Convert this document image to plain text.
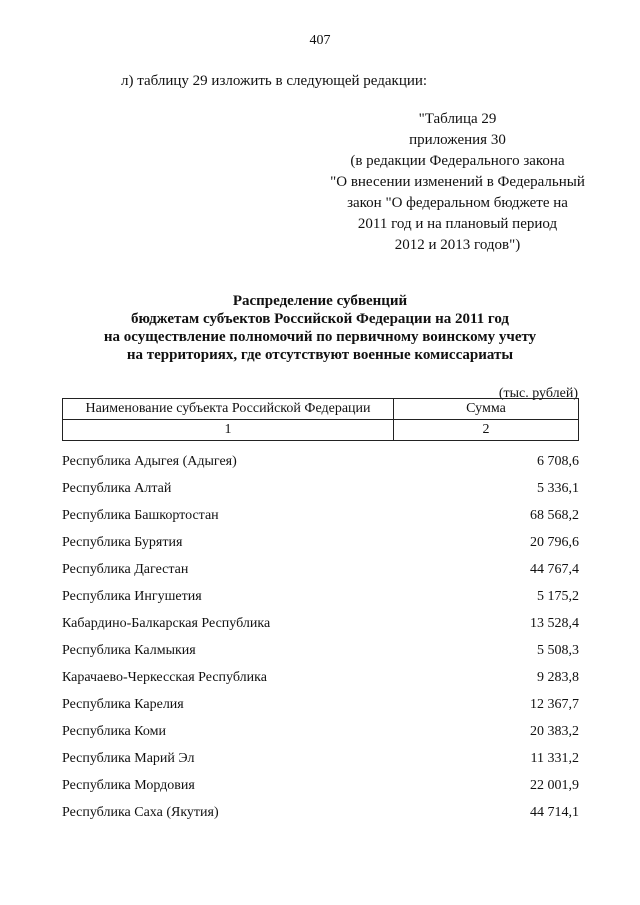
407
л) таблицу 29 изложить в следующей редакции:
"Таблица 29
приложения 30
(в редакции Федерального закона
"О внесении изменений в Федеральный
закон "О федеральном бюджете на
2011 год и на плановый период
2012 и 2013 годов")
Распределение субвенций
бюджетам субъектов Российской Федерации на 2011 год
на осуществление полномочий по первичному воинскому учету
на территориях, где отсутствуют военные комиссариаты
(тыс. рублей)
Наименование субъекта Российской Федерации	Сумма
1	2
Республика Адыгея (Адыгея)	6 708,6
Республика Алтай	5 336,1
Республика Башкортостан	68 568,2
Республика Бурятия	20 796,6
Республика Дагестан	44 767,4
Республика Ингушетия	5 175,2
Кабардино-Балкарская Республика	13 528,4
Республика Калмыкия	5 508,3
Карачаево-Черкесская Республика	9 283,8
Республика Карелия	12 367,7
Республика Коми	20 383,2
Республика Марий Эл	11 331,2
Республика Мордовия	22 001,9
Республика Саха (Якутия)	44 714,1
